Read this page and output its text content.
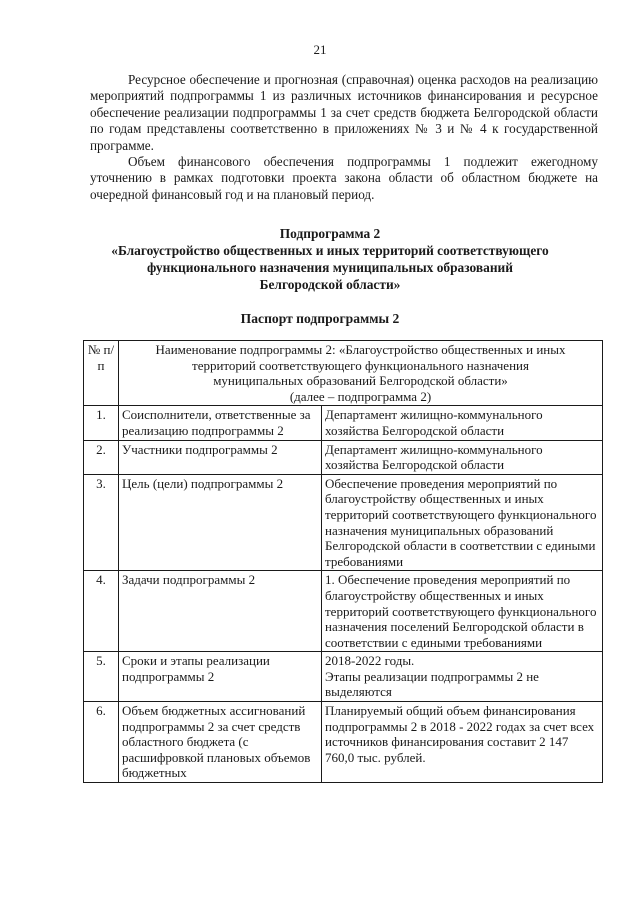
21

Ресурсное обеспечение и прогнозная (справочная) оценка расходов на реализацию мероприятий подпрограммы 1 из различных источников финансирования и ресурсное обеспечение реализации подпрограммы 1 за счет средств бюджета Белгородской области по годам представлены соответственно в приложениях № 3 и № 4 к государственной программе.

Объем финансового обеспечения подпрограммы 1 подлежит ежегодному уточнению в рамках подготовки проекта закона области об областном бюджете на очередной финансовый год и на плановый период.

Подпрограмма 2
«Благоустройство общественных и иных территорий соответствующего
функционального назначения муниципальных образований
Белгородской области»
Паспорт подпрограммы 2
№ п/п	Наименование подпрограммы 2: «Благоустройство общественных и иных
территорий соответствующего функционального назначения
муниципальных образований Белгородской области»
(далее – подпрограмма 2)	

1.	Соисполнители, ответственные за реализацию подпрограммы 2	Департамент жилищно-коммунального хозяйства Белгородской области
2.	Участники подпрограммы 2	Департамент жилищно-коммунального хозяйства Белгородской области
3.	Цель (цели) подпрограммы 2	Обеспечение проведения мероприятий по благоустройству общественных и иных территорий соответствующего функционального назначения муниципальных образований Белгородской области в соответствии с едиными требованиями
4.	Задачи подпрограммы 2	1. Обеспечение проведения мероприятий по благоустройству общественных и иных территорий соответствующего функционального назначения поселений Белгородской области в соответствии с едиными требованиями
5.	Сроки и этапы реализации подпрограммы 2	2018-2022 годы.
Этапы реализации подпрограммы 2 не выделяются

6.	Объем бюджетных ассигнований подпрограммы 2 за счет средств областного бюджета (с расшифровкой плановых объемов бюджетных	Планируемый общий объем финансирования подпрограммы 2 в 2018 - 2022 годах за счет всех источников финансирования составит 2 147 760,0 тыс. рублей.
